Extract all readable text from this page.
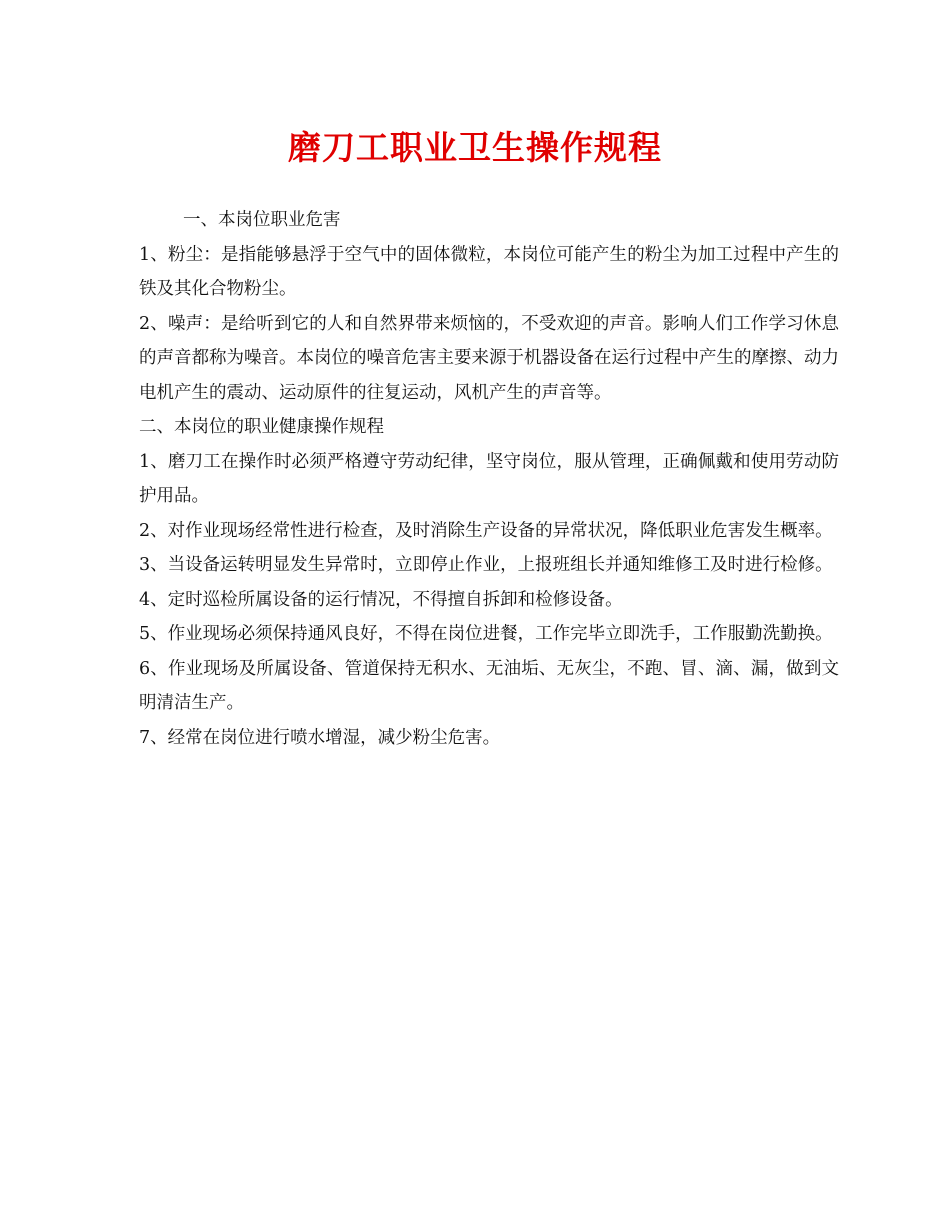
磨刀工职业卫生操作规程

一、本岗位职业危害

1、粉尘：是指能够悬浮于空气中的固体微粒，本岗位可能产生的粉尘为加工过程中产生的铁及其化合物粉尘。

2、噪声：是给听到它的人和自然界带来烦恼的，不受欢迎的声音。影响人们工作学习休息的声音都称为噪音。本岗位的噪音危害主要来源于机器设备在运行过程中产生的摩擦、动力电机产生的震动、运动原件的往复运动，风机产生的声音等。

二、本岗位的职业健康操作规程

1、磨刀工在操作时必须严格遵守劳动纪律，坚守岗位，服从管理，正确佩戴和使用劳动防护用品。

2、对作业现场经常性进行检查，及时消除生产设备的异常状况，降低职业危害发生概率。

3、当设备运转明显发生异常时，立即停止作业，上报班组长并通知维修工及时进行检修。

4、定时巡检所属设备的运行情况，不得擅自拆卸和检修设备。

5、作业现场必须保持通风良好，不得在岗位进餐，工作完毕立即洗手，工作服勤洗勤换。

6、作业现场及所属设备、管道保持无积水、无油垢、无灰尘，不跑、冒、滴、漏，做到文明清洁生产。

7、经常在岗位进行喷水增湿，减少粉尘危害。
